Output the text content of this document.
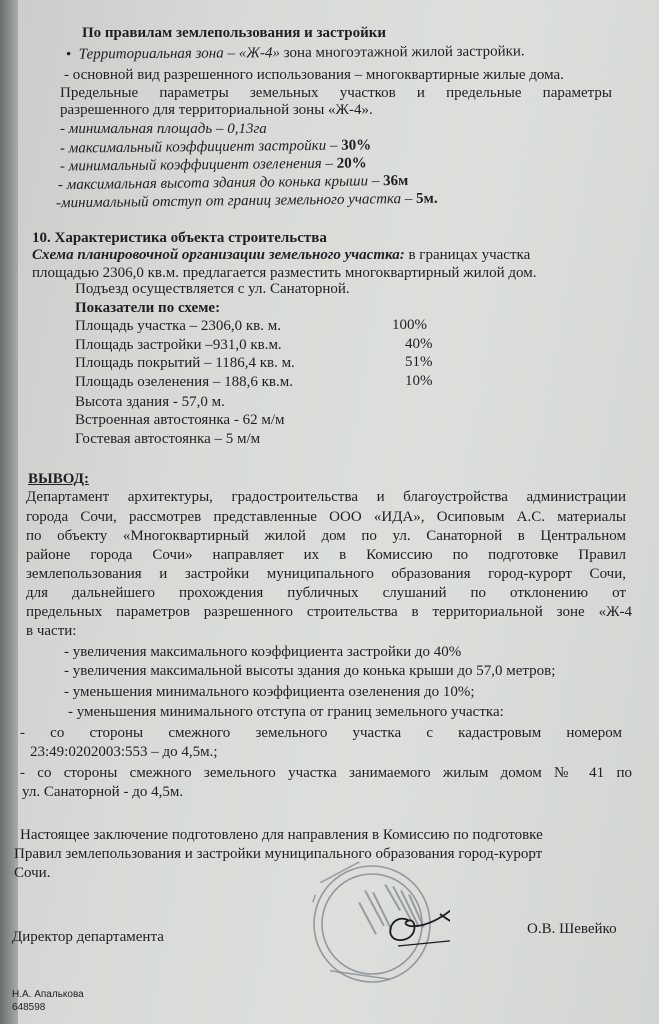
По правилам землепользования и застройки
• Территориальная зона – «Ж-4» зона многоэтажной жилой застройки.
- основной вид разрешенного использования – многоквартирные жилые дома.
Предельные параметры земельных участков и предельные параметры
разрешенного для территориальной зоны «Ж-4».
- минимальная площадь – 0,13га
- максимальный коэффициент застройки – 30%
- минимальный коэффициент озеленения – 20%
- максимальная высота здания до конька крыши – 36м
-минимальный отступ от границ земельного участка – 5м.
10. Характеристика объекта строительства
Схема планировочной организации земельного участка: в границах участка
площадью 2306,0 кв.м. предлагается разместить многоквартирный жилой дом.
Подъезд осуществляется с ул. Санаторной.
Показатели по схеме:
Площадь участка – 2306,0 кв. м.	100%
Площадь застройки –931,0 кв.м.	40%
Площадь покрытий – 1186,4 кв. м.	51%
Площадь озеленения – 188,6 кв.м.	10%
Высота здания - 57,0 м.
Встроенная автостоянка - 62 м/м
Гостевая автостоянка – 5 м/м
ВЫВОД:
Департамент архитектуры, градостроительства и благоустройства администрации
города Сочи, рассмотрев представленные ООО «ИДА», Осиповым А.С. материалы
по объекту «Многоквартирный жилой дом по ул. Санаторной в Центральном
районе города Сочи» направляет их в Комиссию по подготовке Правил
землепользования и застройки муниципального образования город-курорт Сочи,
для дальнейшего прохождения публичных слушаний по отклонению от
предельных параметров разрешенного строительства в территориальной зоне «Ж-4
в части:
- увеличения максимального коэффициента застройки до 40%
- увеличения максимальной высоты здания до конька крыши до 57,0 метров;
- уменьшения минимального коэффициента озеленения до 10%;
- уменьшения минимального отступа от границ земельного участка:
- со стороны смежного земельного участка с кадастровым номером
23:49:0202003:553 – до 4,5м.;
- со стороны смежного земельного участка занимаемого жилым домом № 41 по
ул. Санаторной - до 4,5м.
Настоящее заключение подготовлено для направления в Комиссию по подготовке
Правил землепользования и застройки муниципального образования город-курорт
Сочи.
Директор департамента	О.В. Шевейко
Н.А. Апалькова
648598
